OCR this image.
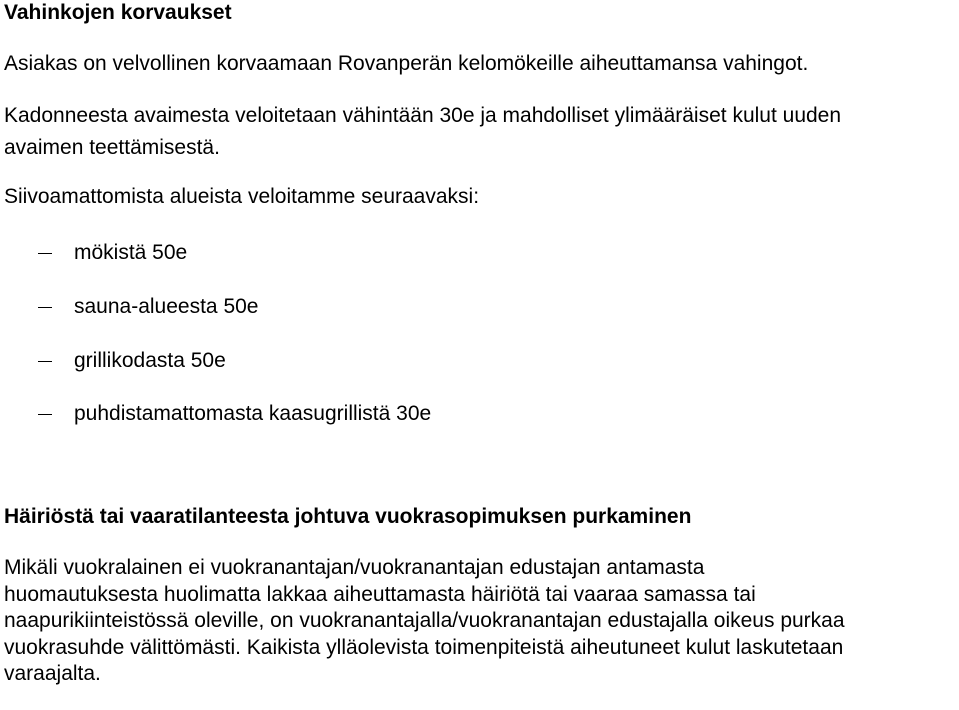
Vahinkojen korvaukset
Asiakas on velvollinen korvaamaan Rovanperän kelomökeille aiheuttamansa vahingot.
Kadonneesta avaimesta veloitetaan vähintään 30e ja mahdolliset ylimääräiset kulut uuden
avaimen teettämisestä.
Siivoamattomista alueista veloitamme seuraavaksi:
mökistä 50e
sauna-alueesta 50e
grillikodasta 50e
puhdistamattomasta kaasugrillistä 30e
Häiriöstä tai vaaratilanteesta johtuva vuokrasopimuksen purkaminen
Mikäli vuokralainen ei vuokranantajan/vuokranantajan edustajan antamasta
huomautuksesta huolimatta lakkaa aiheuttamasta häiriötä tai vaaraa samassa tai
naapurikiinteistössä oleville, on vuokranantajalla/vuokranantajan edustajalla oikeus purkaa
vuokrasuhde välittömästi. Kaikista ylläolevista toimenpiteistä aiheutuneet kulut laskutetaan
varaajalta.
